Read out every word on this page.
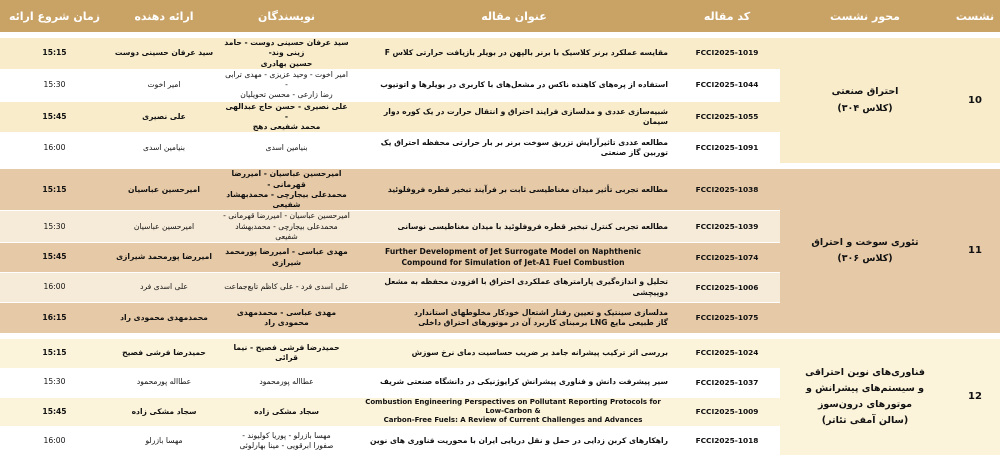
نشست	محور نشست	کد مقاله	عنوان مقاله	نویسندگان	ارائه دهنده	زمان شروع ارائه

10	احتراق صنعتی
(کلاس ۳۰۴)	FCCI2025-1019	مقایسه عملکرد برنر کلاسیک با برنر بالپهن در بویلر بازیافت حرارتی کلاس F	سید عرفان حسینی دوست - حامد زینی وند-
حسین بهادری	سید عرفان حسینی دوست	15:15
		FCCI2025-1044	استفاده از پره‌های کاهنده ناکس در مشعل‌های با کاربری در بویلرها و اتوتیوب	امیر اخوت - وحید عزیزی - مهدی ترابی -
رضا زارعی - محسن تحویلیان	امیر اخوت	15:30
		FCCI2025-1055	شبیه‌سازی عددی و مدلسازی فرایند احتراق و انتقال حرارت در یک کوره دوار سیمان	علی نصیری - حسن حاج عبدالهی -
محمد شفیعی دهج	علی نصیری	15:45
		FCCI2025-1091	مطالعه عددی تاثیرآرایش تزریق سوخت برنر بر بار حرارتی محفظه احتراق یک توربین گاز صنعتی	بنیامین اسدی	بنیامین اسدی	16:00

11	تئوری سوخت و احتراق
(کلاس ۳۰۶)	FCCI2025-1038	مطالعه تجربی تأثیر میدان مغناطیسی ثابت بر فرآیند تبخیر قطره فروفلوئید	امیرحسین عباسیان - امیررضا قهرمانی -
محمدعلی بیجارچی - محمدبهشاد شفیعی	امیرحسین عباسیان	15:15
		FCCI2025-1039	مطالعه تجربی کنترل تبخیر قطره فروفلوئید با میدان مغناطیسی نوسانی	امیرحسین عباسیان - امیررضا قهرمانی -
محمدعلی بیجارچی - محمدبهشاد شفیعی	امیرحسین عباسیان	15:30
		FCCI2025-1074	Further Development of Jet Surrogate Model on Naphthenic
Compound for Simulation of Jet-A1 Fuel Combustion	مهدی عباسی - امیررضا پورمحمد شیرازی	امیررضا پورمحمد شیرازی	15:45
		FCCI2025-1006	تحلیل و اندازه‌گیری پارامترهای عملکردی احتراق با افزودن محفظه به مشعل دوپیچشی	علی اسدی فرد - علی کاظم تابع‌جماعت	علی اسدی فرد	16:00
		FCCI2025-1075	مدلسازی سینتیک و تعیین رفتار اشتعال خودکار مخلوطهای استاندارد
گاز طبیعی مایع LNG برمبنای کاربرد آن در موتورهای احتراق داخلی	مهدی عباسی - محمدمهدی محمودی راد	محمدمهدی محمودی راد	16:15

12	فناوری‌های نوین احتراقی
و سیستم‌های پیشرانش و
موتورهای درون‌سوز
(سالن آمفی تئاتر)	FCCI2025-1024	بررسی اثر ترکیب پیشرانه جامد بر ضریب حساسیت دمای نرخ سوزش	حمیدرضا فرشی فصیح - نیما قرائی	حمیدرضا فرشی فصیح	15:15
		FCCI2025-1037	سیر پیشرفت دانش و فناوری پیشرانش کرایوژنیکی در دانشگاه صنعتی شریف	عطااله پورمحمود	عطااله پورمحمود	15:30
		FCCI2025-1009	Combustion Engineering Perspectives on Pollutant Reporting Protocols for Low-Carbon &
Carbon-Free Fuels: A Review of Current Challenges and Advances	سجاد مشکی زاده	سجاد مشکی زاده	15:45
		FCCI2025-1018	راهکارهای کربن زدایی در حمل و نقل دریایی ایران با محوریت فناوری های نوین	مهسا بازرلو - پوریا کولیوند -
صفورا ابرقویی - مینا بهارلوئی	مهسا بازرلو	16:00
